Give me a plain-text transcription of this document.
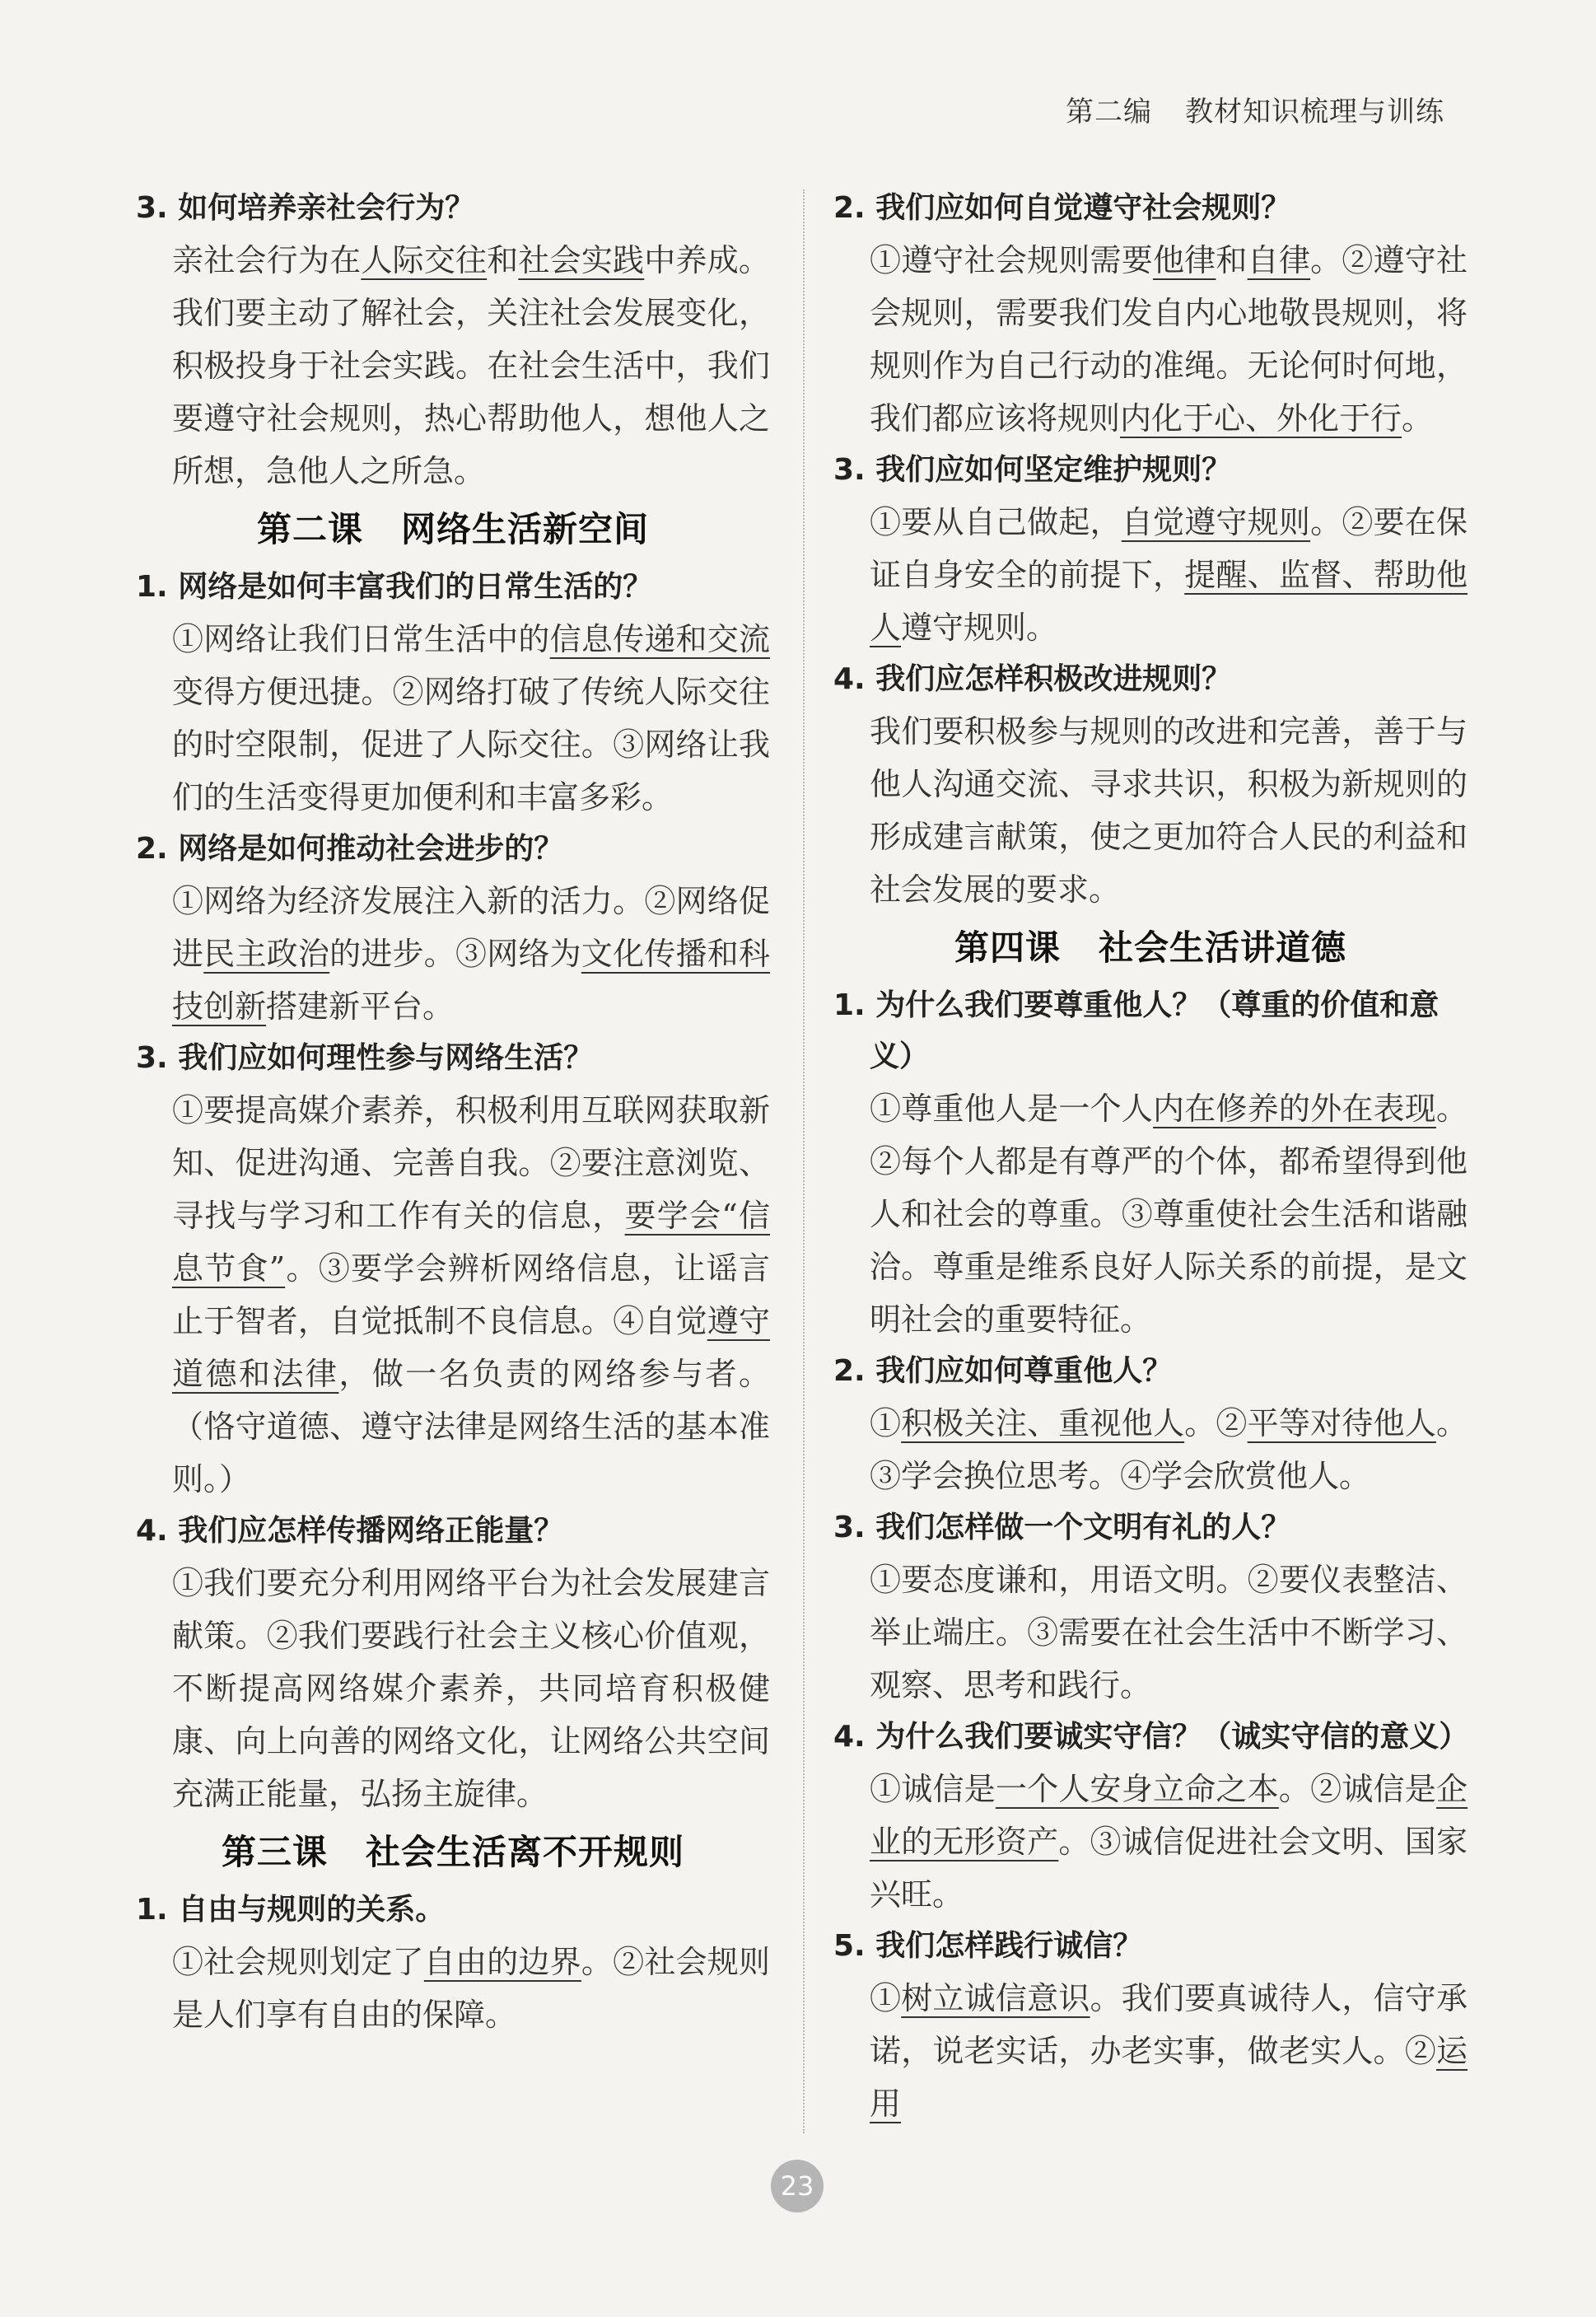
第二编 教材知识梳理与训练

3. 如何培养亲社会行为？

亲社会行为在人际交往和社会实践中养成。我们要主动了解社会，关注社会发展变化，积极投身于社会实践。在社会生活中，我们要遵守社会规则，热心帮助他人，想他人之所想，急他人之所急。

第二课 网络生活新空间

1. 网络是如何丰富我们的日常生活的？

①网络让我们日常生活中的信息传递和交流变得方便迅捷。②网络打破了传统人际交往的时空限制，促进了人际交往。③网络让我们的生活变得更加便利和丰富多彩。

2. 网络是如何推动社会进步的？

①网络为经济发展注入新的活力。②网络促进民主政治的进步。③网络为文化传播和科技创新搭建新平台。

3. 我们应如何理性参与网络生活？

①要提高媒介素养，积极利用互联网获取新知、促进沟通、完善自我。②要注意浏览、寻找与学习和工作有关的信息，要学会“信息节食”。③要学会辨析网络信息，让谣言止于智者，自觉抵制不良信息。④自觉遵守道德和法律，做一名负责的网络参与者。（恪守道德、遵守法律是网络生活的基本准则。）

4. 我们应怎样传播网络正能量？

①我们要充分利用网络平台为社会发展建言献策。②我们要践行社会主义核心价值观，不断提高网络媒介素养，共同培育积极健康、向上向善的网络文化，让网络公共空间充满正能量，弘扬主旋律。

第三课 社会生活离不开规则

1. 自由与规则的关系。

①社会规则划定了自由的边界。②社会规则是人们享有自由的保障。

2. 我们应如何自觉遵守社会规则？

①遵守社会规则需要他律和自律。②遵守社会规则，需要我们发自内心地敬畏规则，将规则作为自己行动的准绳。无论何时何地，我们都应该将规则内化于心、外化于行。

3. 我们应如何坚定维护规则？

①要从自己做起，自觉遵守规则。②要在保证自身安全的前提下，提醒、监督、帮助他人遵守规则。

4. 我们应怎样积极改进规则？

我们要积极参与规则的改进和完善，善于与他人沟通交流、寻求共识，积极为新规则的形成建言献策，使之更加符合人民的利益和社会发展的要求。

第四课 社会生活讲道德

1. 为什么我们要尊重他人？（尊重的价值和意义）

①尊重他人是一个人内在修养的外在表现。②每个人都是有尊严的个体，都希望得到他人和社会的尊重。③尊重使社会生活和谐融洽。尊重是维系良好人际关系的前提，是文明社会的重要特征。

2. 我们应如何尊重他人？

①积极关注、重视他人。②平等对待他人。③学会换位思考。④学会欣赏他人。

3. 我们怎样做一个文明有礼的人？

①要态度谦和，用语文明。②要仪表整洁、举止端庄。③需要在社会生活中不断学习、观察、思考和践行。

4. 为什么我们要诚实守信？（诚实守信的意义）

①诚信是一个人安身立命之本。②诚信是企业的无形资产。③诚信促进社会文明、国家兴旺。

5. 我们怎样践行诚信？

①树立诚信意识。我们要真诚待人，信守承诺，说老实话，办老实事，做老实人。②运用

23
